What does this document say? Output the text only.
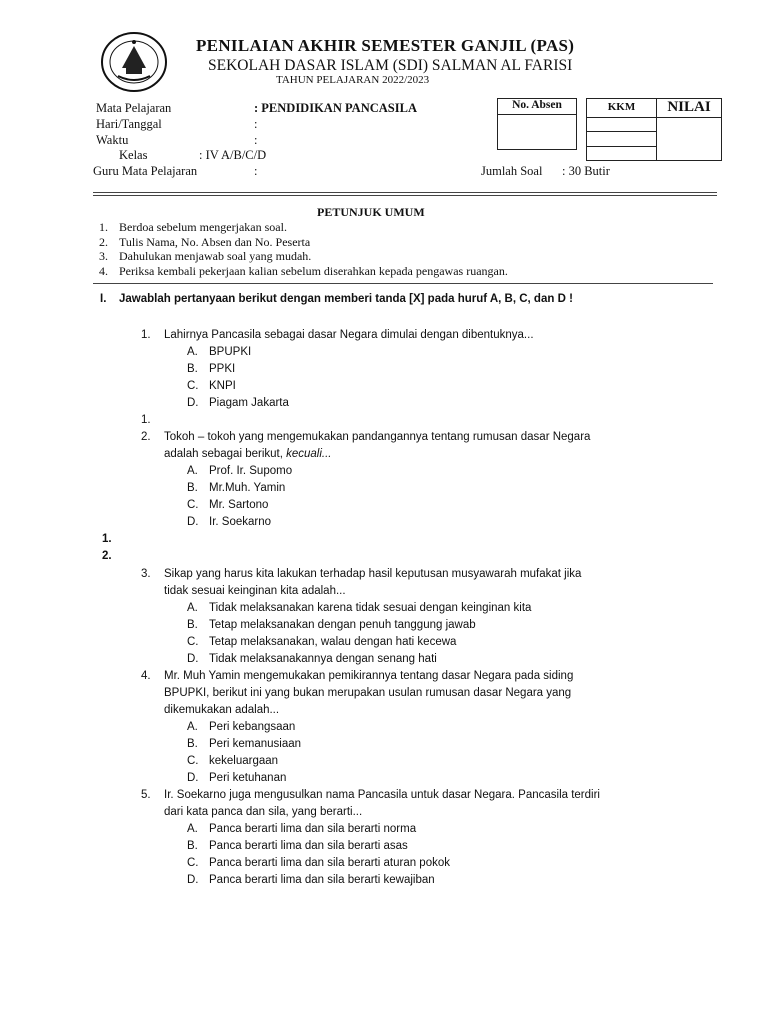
PENILAIAN AKHIR SEMESTER GANJIL (PAS)
SEKOLAH DASAR ISLAM (SDI) SALMAN AL FARISI
TAHUN PELAJARAN 2022/2023
Mata Pelajaran	: PENDIDIKAN PANCASILA
Hari/Tanggal	:
Waktu	:
Kelas	: IV A/B/C/D
Guru Mata Pelajaran	:	Jumlah Soal : 30 Butir
No. Absen	KKM	NILAI
PETUNJUK UMUM
1. Berdoa sebelum mengerjakan soal.
2. Tulis Nama, No. Absen dan No. Peserta
3. Dahulukan menjawab soal yang mudah.
4. Periksa kembali pekerjaan kalian sebelum diserahkan kepada pengawas ruangan.
I. Jawablah pertanyaan berikut dengan memberi tanda [X] pada huruf A, B, C, dan D !
1. Lahirnya Pancasila sebagai dasar Negara dimulai dengan dibentuknya...
A. BPUPKI
B. PPKI
C. KNPI
D. Piagam Jakarta
1.
2. Tokoh – tokoh yang mengemukakan pandangannya tentang rumusan dasar Negara
adalah sebagai berikut, kecuali...
A. Prof. Ir. Supomo
B. Mr.Muh. Yamin
C. Mr. Sartono
D. Ir. Soekarno
1.
2.
3. Sikap yang harus kita lakukan terhadap hasil keputusan musyawarah mufakat jika
tidak sesuai keinginan kita adalah...
A. Tidak melaksanakan karena tidak sesuai dengan keinginan kita
B. Tetap melaksanakan dengan penuh tanggung jawab
C. Tetap melaksanakan, walau dengan hati kecewa
D. Tidak melaksanakannya dengan senang hati
4. Mr. Muh Yamin mengemukakan pemikirannya tentang dasar Negara pada siding
BPUPKI, berikut ini yang bukan merupakan usulan rumusan dasar Negara yang
dikemukakan adalah...
A. Peri kebangsaan
B. Peri kemanusiaan
C. kekeluargaan
D. Peri ketuhanan
5. Ir. Soekarno juga mengusulkan nama Pancasila untuk dasar Negara. Pancasila terdiri
dari kata panca dan sila, yang berarti...
A. Panca berarti lima dan sila berarti norma
B. Panca berarti lima dan sila berarti asas
C. Panca berarti lima dan sila berarti aturan pokok
D. Panca berarti lima dan sila berarti kewajiban
